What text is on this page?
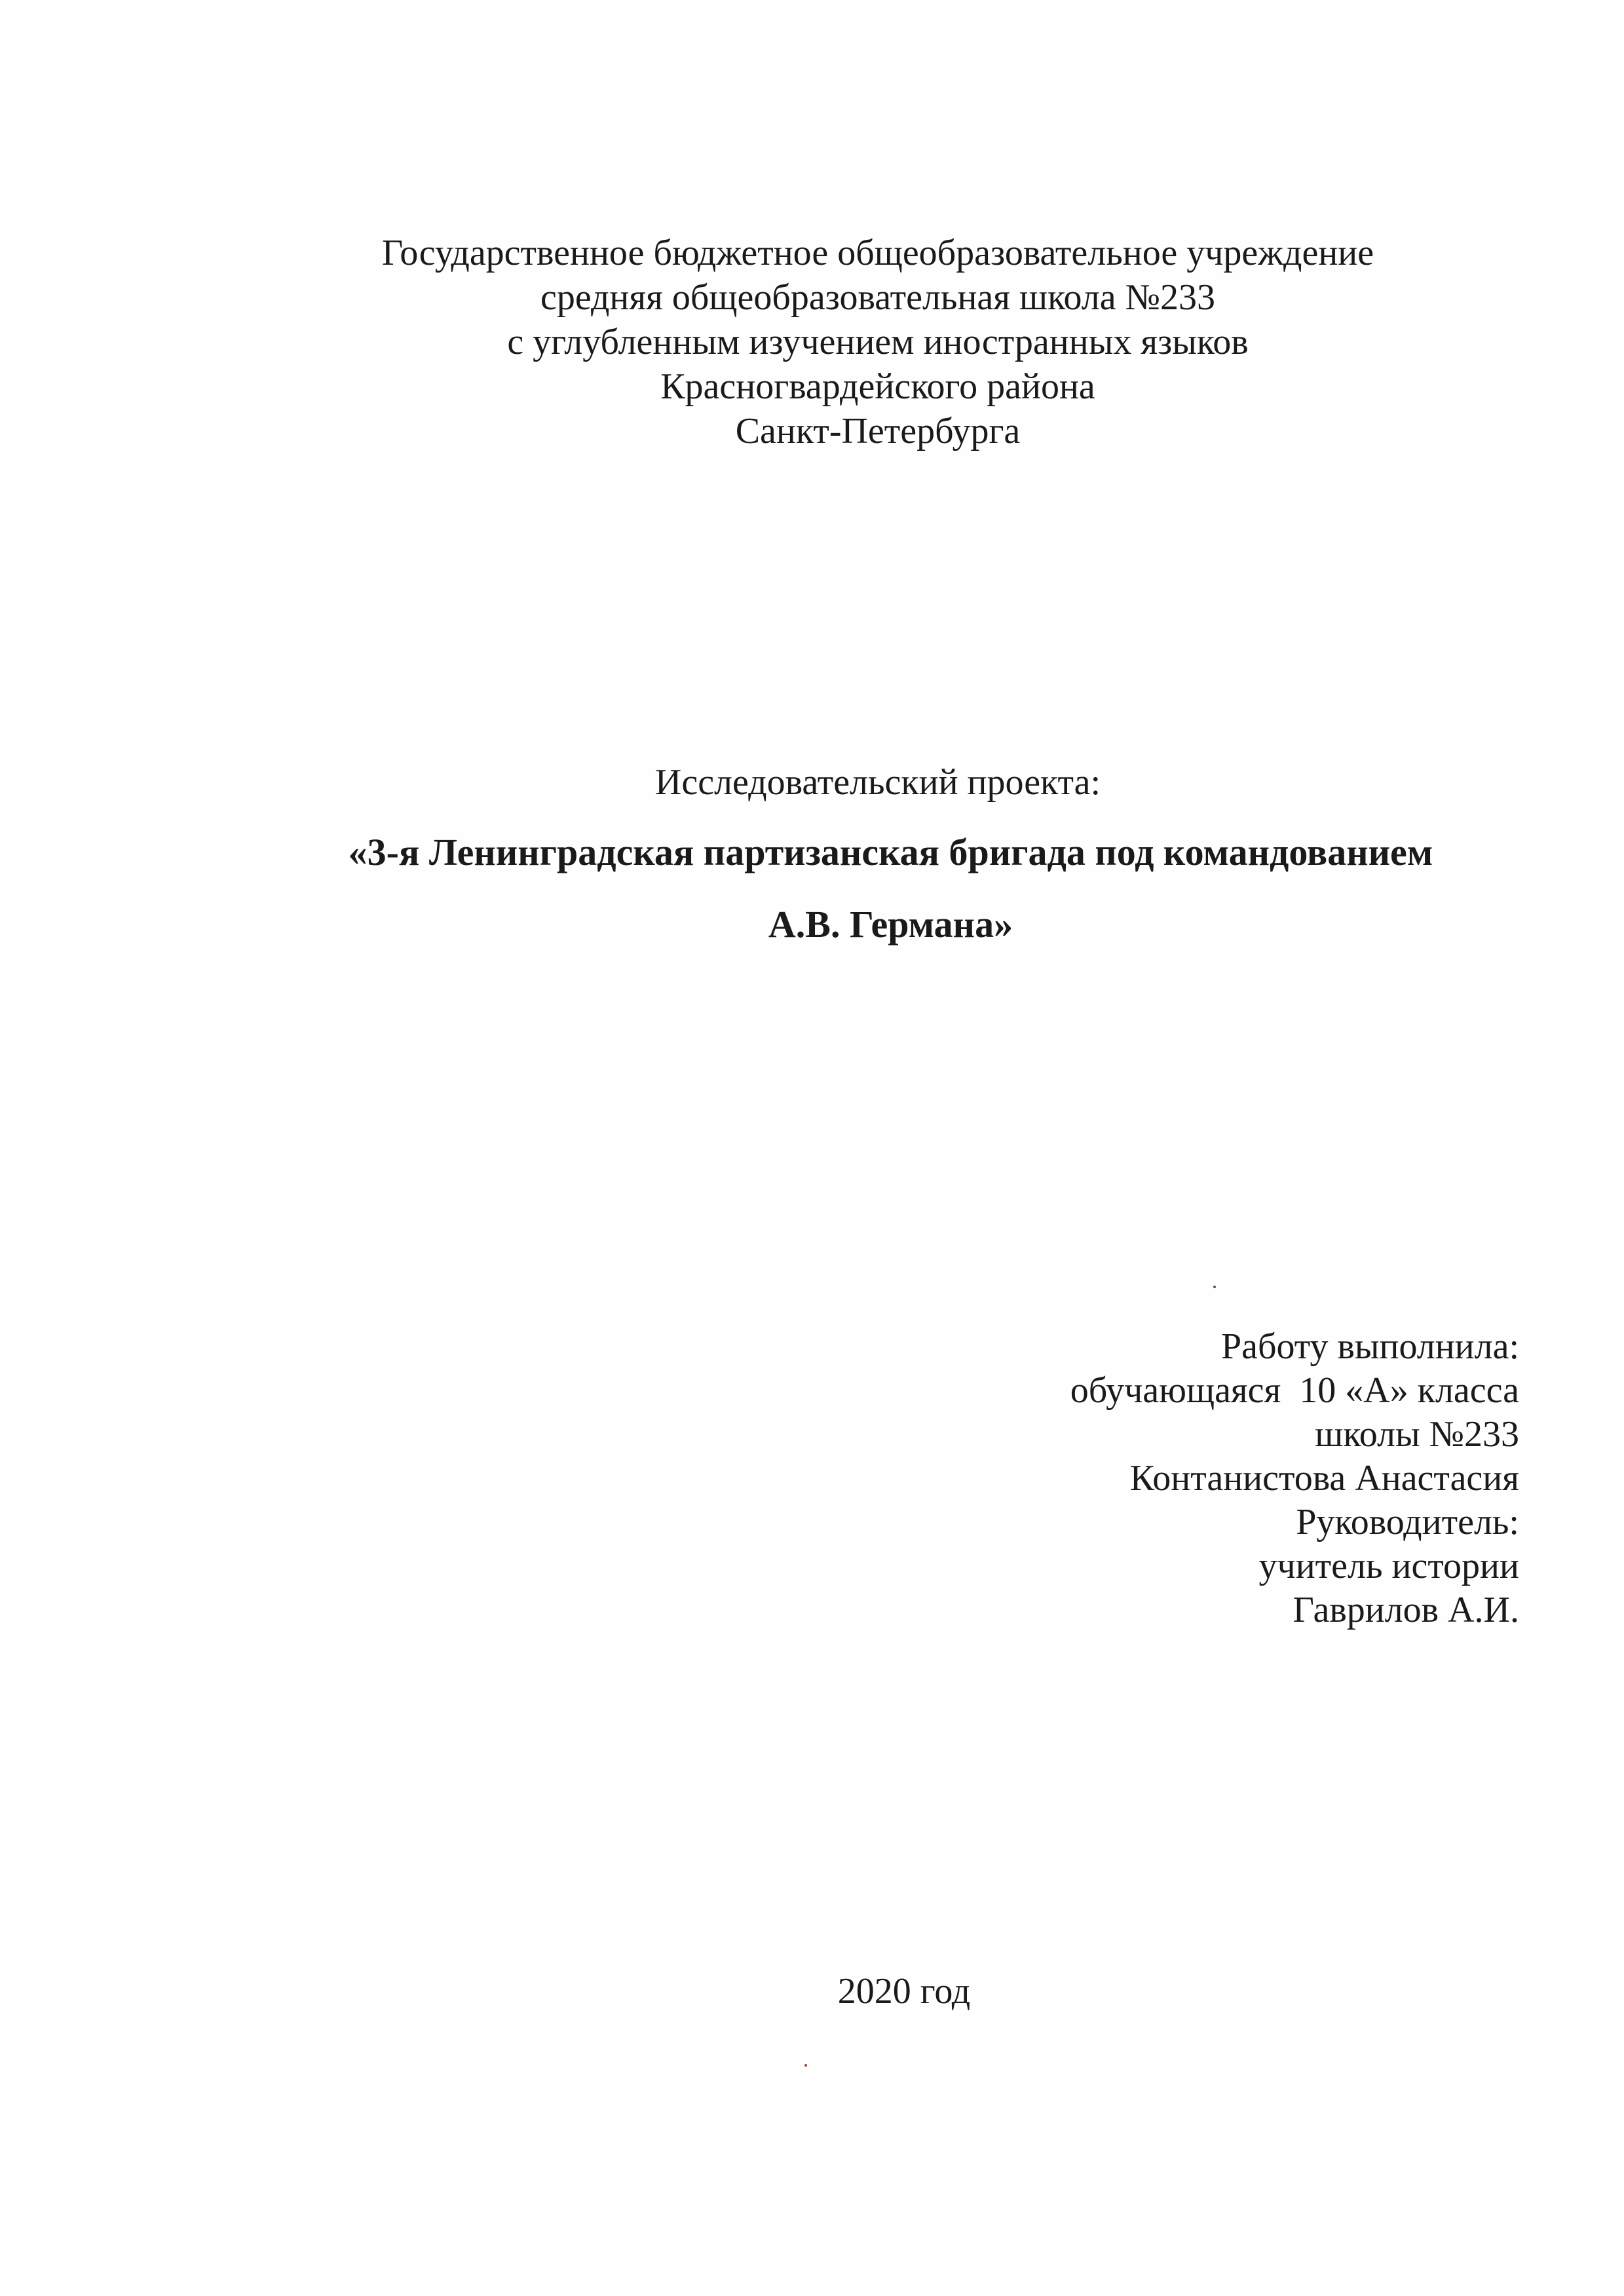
Государственное бюджетное общеобразовательное учреждение
средняя общеобразовательная школа №233
с углубленным изучением иностранных языков
Красногвардейского района
Санкт-Петербурга
Исследовательский проекта:
«3-я Ленинградская партизанская бригада под командованием
А.В. Германа»
Работу выполнила:
обучающаяся  10 «А» класса
школы №233
Контанистова Анастасия
Руководитель:
учитель истории
Гаврилов А.И.
2020 год
